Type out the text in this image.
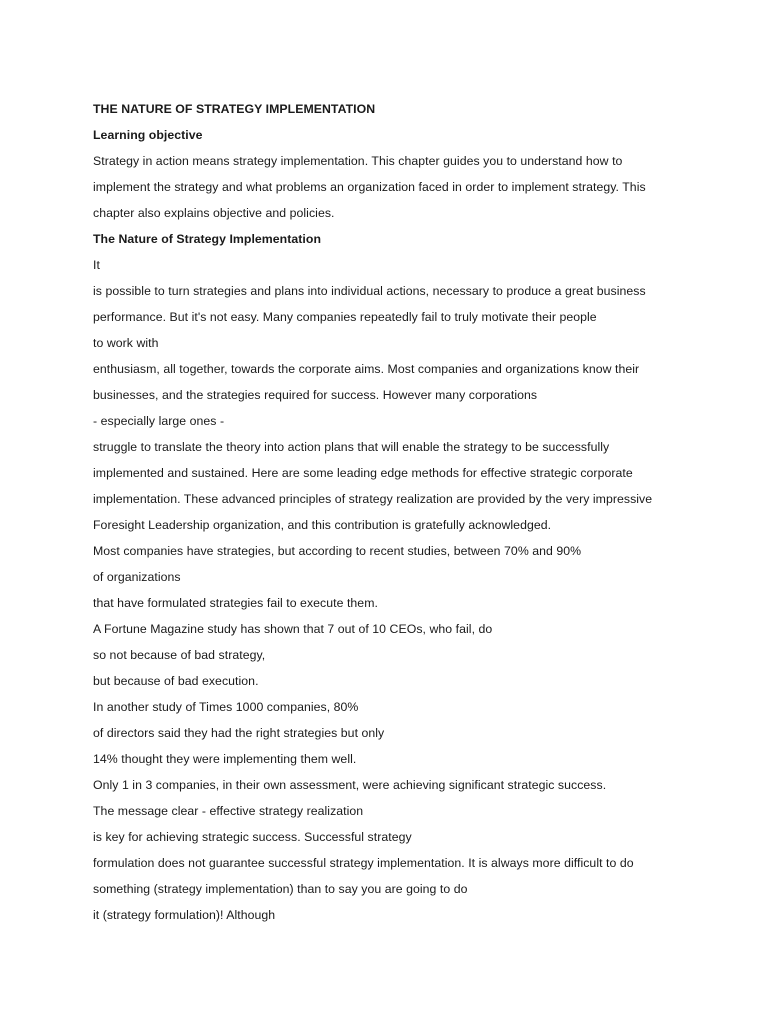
THE NATURE OF STRATEGY IMPLEMENTATION
Learning objective
Strategy in action means strategy implementation. This chapter guides you to understand how to
implement the strategy and what problems an organization faced in order to implement strategy. This
chapter also explains objective and policies.
The Nature of Strategy Implementation
It
is possible to turn strategies and plans into individual actions, necessary to produce a great business
performance. But it's not easy. Many companies repeatedly fail to truly motivate their people
to work with
enthusiasm, all together, towards the corporate aims. Most companies and organizations know their
businesses, and the strategies required for success. However many corporations
- especially large ones -
struggle to translate the theory into action plans that will enable the strategy to be successfully
implemented and sustained. Here are some leading edge methods for effective strategic corporate
implementation. These advanced principles of strategy realization are provided by the very impressive
Foresight Leadership organization, and this contribution is gratefully acknowledged.
Most companies have strategies, but according to recent studies, between 70% and 90%
of organizations
that have formulated strategies fail to execute them.
A Fortune Magazine study has shown that 7 out of 10 CEOs, who fail, do
so not because of bad strategy,
but because of bad execution.
In another study of Times 1000 companies, 80%
of directors said they had the right strategies but only
14% thought they were implementing them well.
Only 1 in 3 companies, in their own assessment, were achieving significant strategic success.
The message clear - effective strategy realization
is key for achieving strategic success. Successful strategy
formulation does not guarantee successful strategy implementation. It is always more difficult to do
something (strategy implementation) than to say you are going to do
it (strategy formulation)! Although
